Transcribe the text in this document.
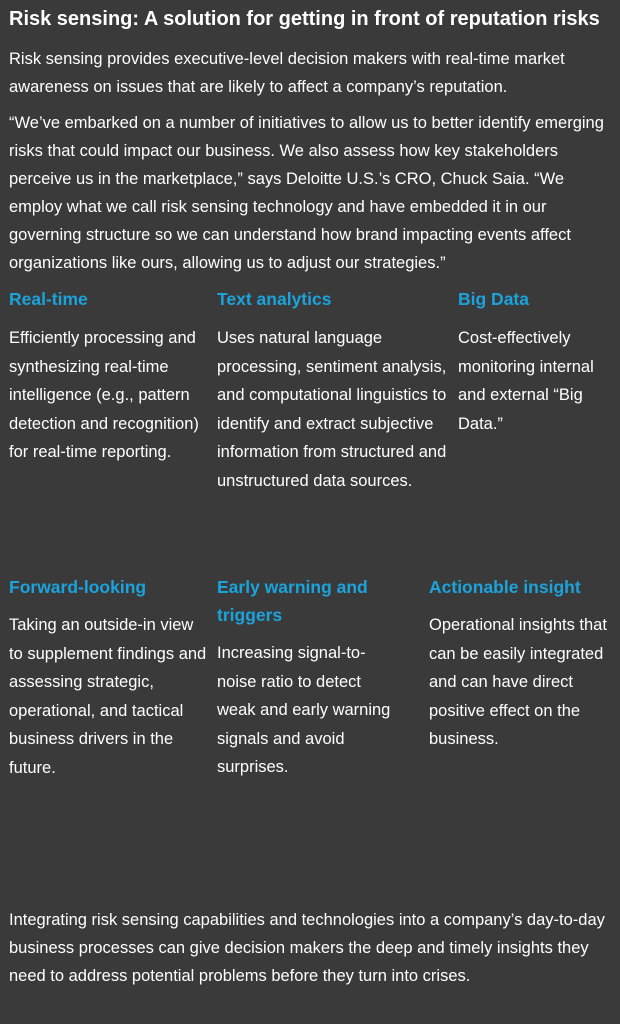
Risk sensing: A solution for getting in front of reputation risks

Risk sensing provides executive-level decision makers with real-time market awareness on issues that are likely to affect a company’s reputation.

“We’ve embarked on a number of initiatives to allow us to better identify emerging risks that could impact our business. We also assess how key stakeholders perceive us in the marketplace,” says Deloitte U.S.’s CRO, Chuck Saia. “We employ what we call risk sensing technology and have embedded it in our governing structure so we can understand how brand impacting events affect organizations like ours, allowing us to adjust our strategies.”

Real-time

Efficiently processing and synthesizing real-time intelligence (e.g., pattern detection and recognition) for real-time reporting.

Text analytics

Uses natural language processing, sentiment analysis, and computational linguistics to identify and extract subjective information from structured and unstructured data sources.

Big Data

Cost-effectively monitoring internal and external “Big Data.”

Forward-looking

Taking an outside-in view to supplement findings and assessing strategic, operational, and tactical business drivers in the future.

Early warning and triggers

Increasing signal-to-noise ratio to detect weak and early warning signals and avoid surprises.

Actionable insight

Operational insights that can be easily integrated and can have direct positive effect on the business.

Integrating risk sensing capabilities and technologies into a company’s day-to-day business processes can give decision makers the deep and timely insights they need to address potential problems before they turn into crises.
